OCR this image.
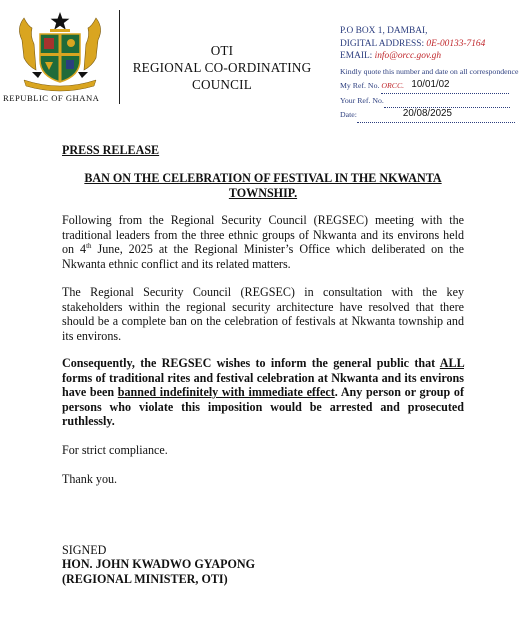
REPUBLIC OF GHANA
OTI
REGIONAL CO-ORDINATING
COUNCIL
P.O BOX 1, DAMBAI,
DIGITAL ADDRESS: 0E-00133-7164
EMAIL: info@orcc.gov.gh
Kindly quote this number and date on all correspondence
My Ref. No. ORCC. 10/01/02

Your Ref. No.

Date:	20/08/2025

PRESS RELEASE
BAN ON THE CELEBRATION OF FESTIVAL IN THE NKWANTA
TOWNSHIP.

Following from the Regional Security Council (REGSEC) meeting with the traditional leaders from the three ethnic groups of Nkwanta and its environs held on 4th June, 2025 at the Regional Minister’s Office which deliberated on the Nkwanta ethnic conflict and its related matters.

The Regional Security Council (REGSEC) in consultation with the key stakeholders within the regional security architecture have resolved that there should be a complete ban on the celebration of festivals at Nkwanta township and its environs.

Consequently, the REGSEC wishes to inform the general public that ALL forms of traditional rites and festival celebration at Nkwanta and its environs have been banned indefinitely with immediate effect. Any person or group of persons who violate this imposition would be arrested and prosecuted ruthlessly.

For strict compliance.
Thank you.
SIGNED
HON. JOHN KWADWO GYAPONG
(REGIONAL MINISTER, OTI)
